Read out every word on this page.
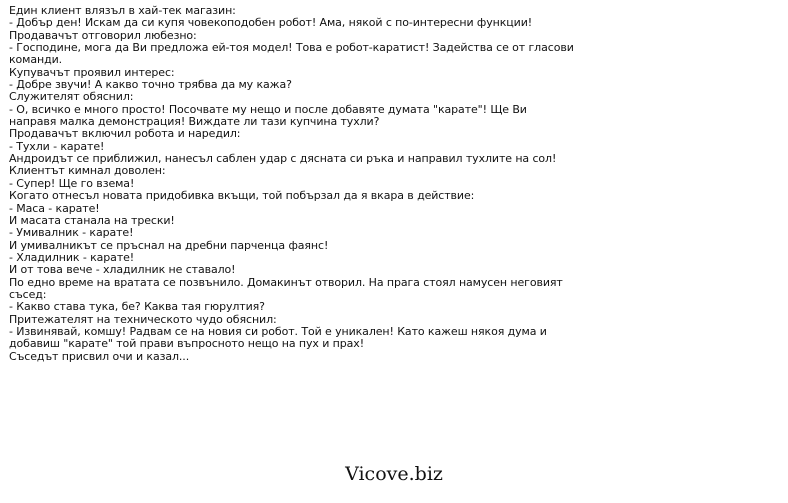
Един клиент влязъл в хай-тек магазин:

- Добър ден! Искам да си купя човекоподобен робот! Ама, някой с по-интересни функции!

Продавачът отговорил любезно:

- Господине, мога да Ви предложа ей-тоя модел! Това е робот-каратист! Задейства се от гласови команди.

Купувачът проявил интерес:

- Добре звучи! А какво точно трябва да му кажа?

Служителят обяснил:

- О, всичко е много просто! Посочвате му нещо и после добавяте думата "карате"! Ще Ви направя малка демонстрация! Виждате ли тази купчина тухли?

Продавачът включил робота и наредил:

- Тухли - карате!

Андроидът се приближил, нанесъл саблен удар с дясната си ръка и направил тухлите на сол!

Клиентът кимнал доволен:

- Супер! Ще го взема!

Когато отнесъл новата придобивка вкъщи, той побързал да я вкара в действие:

- Маса - карате!

И масата станала на трески!

- Умивалник - карате!

И умивалникът се пръснал на дребни парченца фаянс!

- Хладилник - карате!

И от това вече - хладилник не ставало!

По едно време на вратата се позвънило. Домакинът отворил. На прага стоял намусен неговият съсед:

- Какво става тука, бе? Каква тая гюрултия?

Притежателят на техническото чудо обяснил:

- Извинявай, комшу! Радвам се на новия си робот. Той е уникален! Като кажеш някоя дума и добавиш "карате" той прави въпросното нещо на пух и прах!

Съседът присвил очи и казал...

Vicove.biz
